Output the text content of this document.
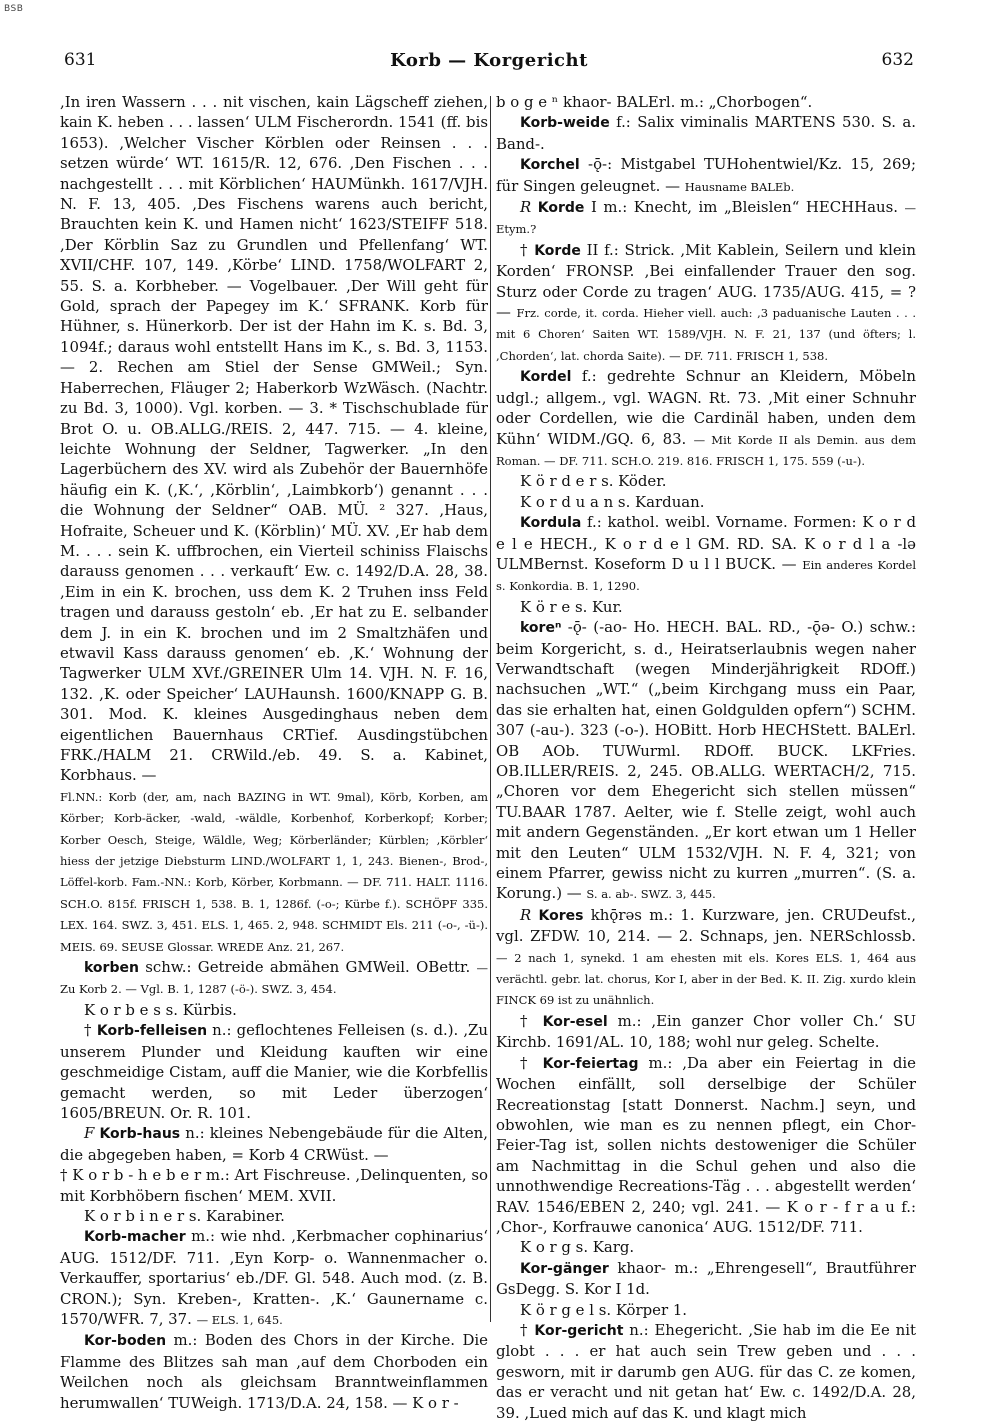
BSB
631	Korb — Korgericht	632

,In iren Wassern . . . nit vischen, kain Lägscheff ziehen, kain K. heben . . . lassen‘ ULM Fischerordn. 1541 (ff. bis 1653). ,Welcher Vischer Körblen oder Reinsen . . . setzen würde‘ WT. 1615/R. 12, 676. ,Den Fischen . . . nachgestellt . . . mit Körblichen‘ HAUMünkh. 1617/VJH. N. F. 13, 405. ,Des Fischens warens auch bericht, Brauchten kein K. und Hamen nicht‘ 1623/STEIFF 518. ,Der Körblin Saz zu Grundlen und Pfellenfang‘ WT. XVII/CHF. 107, 149. ,Körbe‘ LIND. 1758/WOLFART 2, 55. S. a. Korbheber. — Vogelbauer. ,Der Will geht für Gold, sprach der Papegey im K.‘ SFRANK. Korb für Hühner, s. Hünerkorb. Der ist der Hahn im K. s. Bd. 3, 1094f.; daraus wohl entstellt Hans im K., s. Bd. 3, 1153. — 2. Rechen am Stiel der Sense GMWeil.; Syn. Haberrechen, Fläuger 2; Haberkorb WzWäsch. (Nachtr. zu Bd. 3, 1000). Vgl. korben. — 3. * Tischschublade für Brot O. u. OB.ALLG./REIS. 2, 447. 715. — 4. kleine, leichte Wohnung der Seldner, Tagwerker. „In den Lagerbüchern des XV. wird als Zubehör der Bauernhöfe häufig ein K. (,K.‘, ,Körblin‘, ,Laimbkorb‘) genannt . . . die Wohnung der Seldner“ OAB. MÜ. ² 327. ,Haus, Hofraite, Scheuer und K. (Körblin)‘ MÜ. XV. ,Er hab dem M. . . . sein K. uffbrochen, ein Vierteil schiniss Flaischs darauss genomen . . . verkauft‘ Ew. c. 1492/D.A. 28, 38. ,Eim in ein K. brochen, uss dem K. 2 Truhen inss Feld tragen und darauss gestoln‘ eb. ,Er hat zu E. selbander dem J. in ein K. brochen und im 2 Smaltzhäfen und etwavil Kass darauss genomen‘ eb. ,K.‘ Wohnung der Tagwerker ULM XVf./GREINER Ulm 14. VJH. N. F. 16, 132. ,K. oder Speicher‘ LAUHaunsh. 1600/KNAPP G. B. 301. Mod. K. kleines Ausgedinghaus neben dem eigentlichen Bauernhaus CRTief. Ausdingstübchen FRK./HALM 21. CRWild./eb. 49. S. a. Kabinet, Korbhaus. —

Fl.NN.: Korb (der, am, nach BAZING in WT. 9mal), Körb, Korben, am Körber; Korb-äcker, -wald, -wäldle, Korbenhof, Korberkopf; Korber; Korber Oesch, Steige, Wäldle, Weg; Körberländer; Kürblen; ,Körbler‘ hiess der jetzige Diebsturm LIND./WOLFART 1, 1, 243. Bienen-, Brod-, Löffel-korb. Fam.-NN.: Korb, Körber, Korbmann. — DF. 711. HALT. 1116. SCH.O. 815f. FRISCH 1, 538. B. 1, 1286f. (-o-; Kürbe f.). SCHÖPF 335. LEX. 164. SWZ. 3, 451. ELS. 1, 465. 2, 948. SCHMIDT Els. 211 (-o-, -ü-). MEIS. 69. SEUSE Glossar. WREDE Anz. 21, 267.

korben schw.: Getreide abmähen GMWeil. OBettr. — Zu Korb 2. — Vgl. B. 1, 1287 (-ö-). SWZ. 3, 454.

K o r b e s s. Kürbis.

† Korb-felleisen n.: geflochtenes Felleisen (s. d.). ,Zu unserem Plunder und Kleidung kauften wir eine geschmeidige Cistam, auff die Manier, wie die Korbfellis gemacht werden, so mit Leder überzogen‘ 1605/BREUN. Or. R. 101.

F Korb-haus n.: kleines Nebengebäude für die Alten, die abgegeben haben, = Korb 4 CRWüst. —

† K o r b - h e b e r m.: Art Fischreuse. ,Delinquenten, so mit Korbhöbern fischen‘ MEM. XVII.

K o r b i n e r s. Karabiner.

Korb-macher m.: wie nhd. ,Kerbmacher cophinarius‘ AUG. 1512/DF. 711. ,Eyn Korp- o. Wannenmacher o. Verkauffer, sportarius‘ eb./DF. Gl. 548. Auch mod. (z. B. CRON.); Syn. Kreben-, Kratten-. ,K.‘ Gaunername c. 1570/WFR. 7, 37. — ELS. 1, 645.

Kor-boden m.: Boden des Chors in der Kirche. Die Flamme des Blitzes sah man ,auf dem Chorboden ein Weilchen noch als gleichsam Branntweinflammen herumwallen‘ TUWeigh. 1713/D.A. 24, 158. — K o r -

b o g e ⁿ khaor- BALErl. m.: „Chorbogen“.

Korb-weide f.: Salix viminalis MARTENS 530. S. a. Band-.

Korchel -ǭ-: Mistgabel TUHohentwiel/Kz. 15, 269; für Singen geleugnet. — Hausname BALEb.

R Korde I m.: Knecht, im „Bleislen“ HECHHaus. — Etym.?

† Korde II f.: Strick. ,Mit Kablein, Seilern und klein Korden‘ FRONSP. ,Bei einfallender Trauer den sog. Sturz oder Corde zu tragen‘ AUG. 1735/AUG. 415, = ? — Frz. corde, it. corda. Hieher viell. auch: ,3 paduanische Lauten . . . mit 6 Choren‘ Saiten WT. 1589/VJH. N. F. 21, 137 (und öfters; l. ,Chorden‘, lat. chorda Saite). — DF. 711. FRISCH 1, 538.

Kordel f.: gedrehte Schnur an Kleidern, Möbeln udgl.; allgem., vgl. WAGN. Rt. 73. ,Mit einer Schnuhr oder Cordellen, wie die Cardinäl haben, unden dem Kühn‘ WIDM./GQ. 6, 83. — Mit Korde II als Demin. aus dem Roman. — DF. 711. SCH.O. 219. 816. FRISCH 1, 175. 559 (-u-).

K ö r d e r s. Köder.

K o r d u a n s. Karduan.

Kordula f.: kathol. weibl. Vorname. Formen: K o r d e l e HECH., K o r d e l GM. RD. SA. K o r d l a -lə ULMBernst. Koseform D u l l BUCK. — Ein anderes Kordel s. Konkordia. B. 1, 1290.

K ö r e s. Kur.

koreⁿ -ǭ- (-ao- Ho. HECH. BAL. RD., -ǭə- O.) schw.: beim Korgericht, s. d., Heiratserlaubnis wegen naher Verwandtschaft (wegen Minderjährigkeit RDOff.) nachsuchen „WT.“ („beim Kirchgang muss ein Paar, das sie erhalten hat, einen Goldgulden opfern“) SCHM. 307 (-au-). 323 (-o-). HOBitt. Horb HECHStett. BALErl. OB AOb. TUWurml. RDOff. BUCK. LKFries. OB.ILLER/REIS. 2, 245. OB.ALLG. WERTACH/2, 715. „Choren vor dem Ehegericht sich stellen müssen“ TU.BAAR 1787. Aelter, wie f. Stelle zeigt, wohl auch mit andern Gegenständen. „Er kort etwan um 1 Heller mit den Leuten“ ULM 1532/VJH. N. F. 4, 321; von einem Pfarrer, gewiss nicht zu kurren „murren“. (S. a. Korung.) — S. a. ab-. SWZ. 3, 445.

R Kores khǭrəs m.: 1. Kurzware, jen. CRUDeufst., vgl. ZFDW. 10, 214. — 2. Schnaps, jen. NERSchlossb. — 2 nach 1, synekd. 1 am ehesten mit els. Kores ELS. 1, 464 aus verächtl. gebr. lat. chorus, Kor I, aber in der Bed. K. II. Zig. xurdo klein FINCK 69 ist zu unähnlich.

† Kor-esel m.: ,Ein ganzer Chor voller Ch.‘ SU Kirchb. 1691/AL. 10, 188; wohl nur geleg. Schelte.

† Kor-feiertag m.: ,Da aber ein Feiertag in die Wochen einfällt, soll derselbige der Schüler Recreationstag [statt Donnerst. Nachm.] seyn, und obwohlen, wie man es zu nennen pflegt, ein Chor-Feier-Tag ist, sollen nichts destoweniger die Schüler am Nachmittag in die Schul gehen und also die unnothwendige Recreations-Täg . . . abgestellt werden‘ RAV. 1546/EBEN 2, 240; vgl. 241. — K o r - f r a u f.: ,Chor-, Korfrauwe canonica‘ AUG. 1512/DF. 711.

K o r g s. Karg.

Kor-gänger khaor- m.: „Ehrengesell“, Brautführer GsDegg. S. Kor I 1d.

K ö r g e l s. Körper 1.

† Kor-gericht n.: Ehegericht. ,Sie hab im die Ee nit globt . . . er hat auch sein Trew geben und . . . gesworn, mit ir darumb gen AUG. für das C. ze komen, das er veracht und nit getan hat‘ Ew. c. 1492/D.A. 28, 39. ,Lued mich auf das K. und klagt mich
